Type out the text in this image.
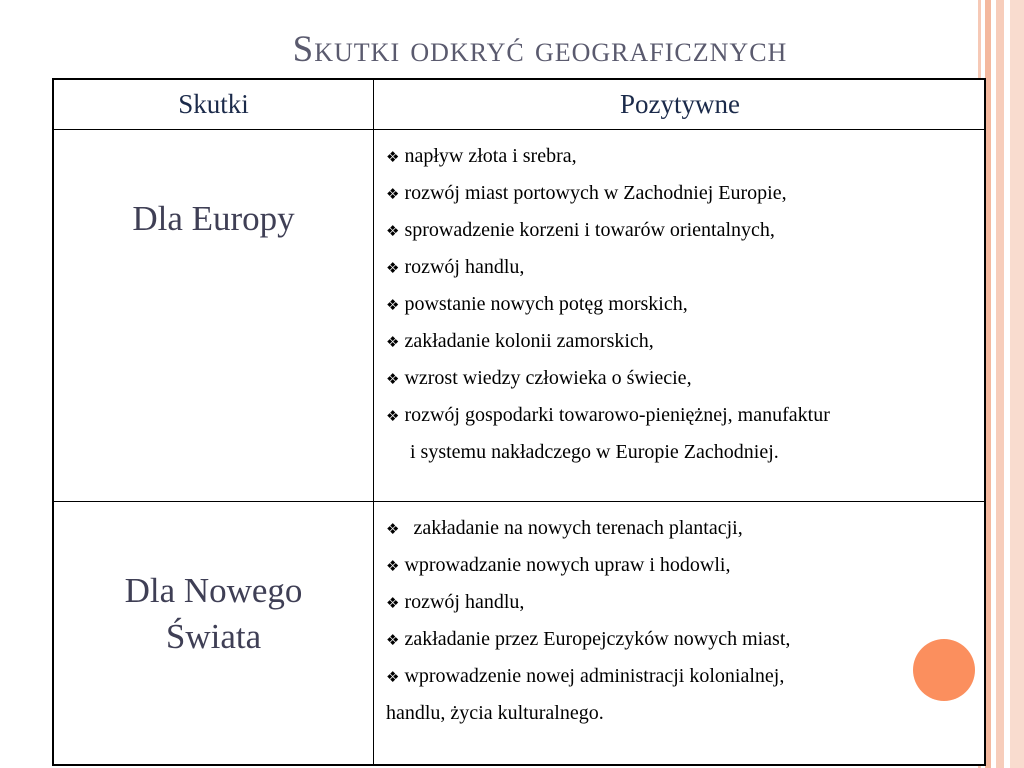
Skutki odkryć geograficznych
Skutki	Pozytywne
Dla Europy
Dla Nowego
Świata
❖ napływ złota i srebra,
❖ rozwój miast portowych w Zachodniej Europie,
❖ sprowadzenie korzeni i towarów orientalnych,
❖ rozwój handlu,
❖ powstanie nowych potęg morskich,
❖ zakładanie kolonii zamorskich,
❖ wzrost wiedzy człowieka o świecie,
❖ rozwój gospodarki towarowo-pieniężnej, manufaktur
i systemu nakładczego w Europie Zachodniej.
❖ zakładanie na nowych terenach plantacji,
❖ wprowadzanie nowych upraw i hodowli,
❖ rozwój handlu,
❖ zakładanie przez Europejczyków nowych miast,
❖ wprowadzenie nowej administracji kolonialnej,
handlu, życia kulturalnego.
